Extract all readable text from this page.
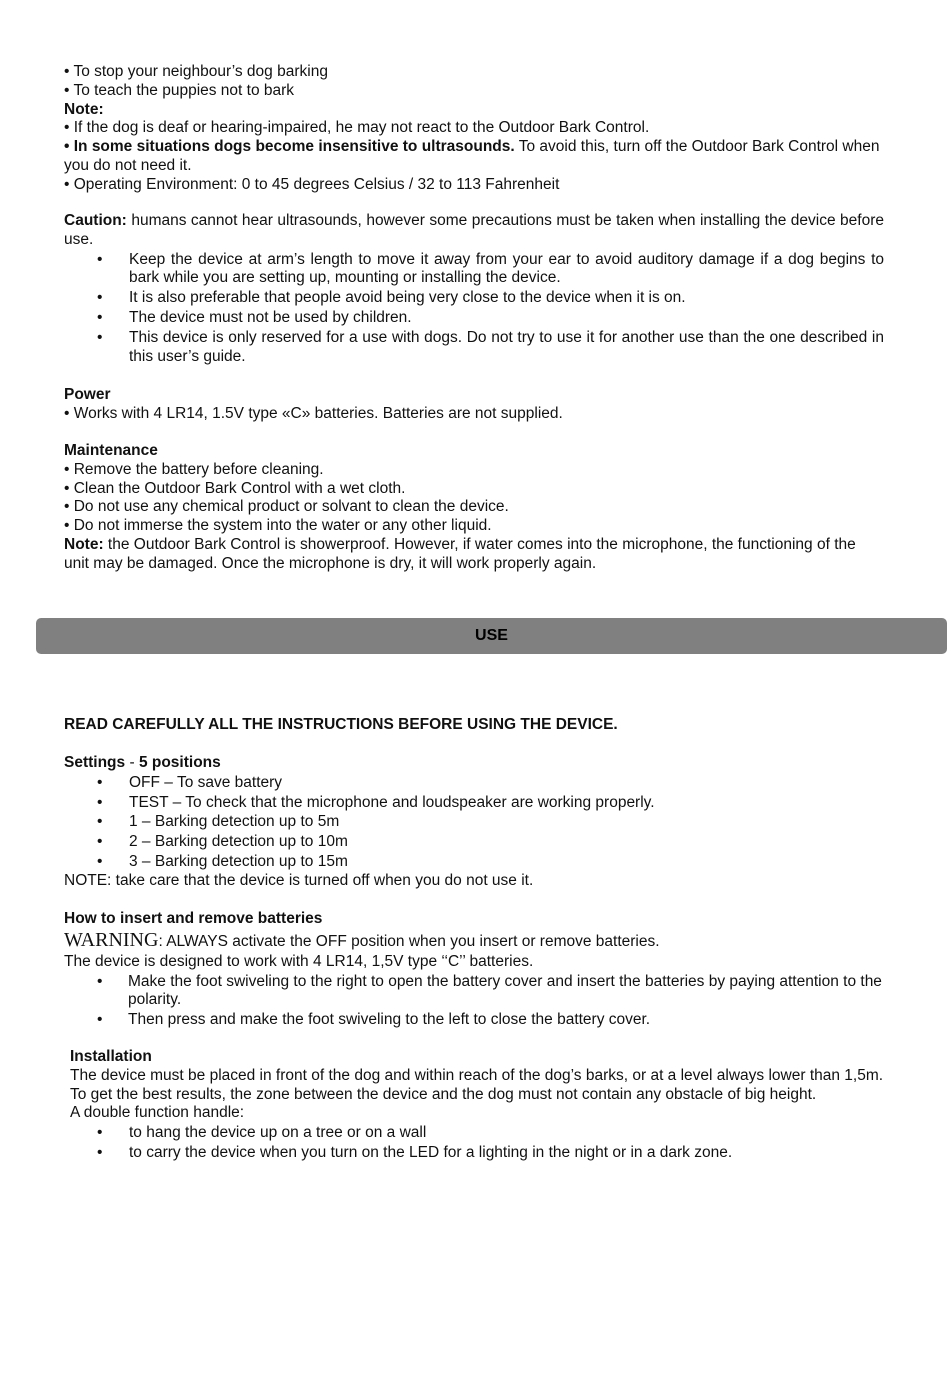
• To stop your neighbour’s dog barking

• To teach the puppies not to bark

Note:

• If the dog is deaf or hearing-impaired, he may not react to the Outdoor Bark Control.

• In some situations dogs become insensitive to ultrasounds. To avoid this, turn off the Outdoor Bark Control when you do not need it.

• Operating Environment: 0 to 45 degrees Celsius / 32 to 113 Fahrenheit

Caution: humans cannot hear ultrasounds, however some precautions must be taken when installing the device before use.

• Keep the device at arm’s length to move it away from your ear to avoid auditory damage if a dog begins to bark while you are setting up, mounting or installing the device.
• It is also preferable that people avoid being very close to the device when it is on.
• The device must not be used by children.
• This device is only reserved for a use with dogs. Do not try to use it for another use than the one described in this user’s guide.

Power

• Works with 4 LR14, 1.5V type «C» batteries. Batteries are not supplied.

Maintenance

• Remove the battery before cleaning.

• Clean the Outdoor Bark Control with a wet cloth.

• Do not use any chemical product or solvant to clean the device.

• Do not immerse the system into the water or any other liquid.

Note: the Outdoor Bark Control is showerproof. However, if water comes into the microphone, the functioning of the unit may be damaged. Once the microphone is dry, it will work properly again.

USE

READ CAREFULLY ALL THE INSTRUCTIONS BEFORE USING THE DEVICE.

Settings - 5 positions

• OFF – To save battery
• TEST – To check that the microphone and loudspeaker are working properly.
• 1 – Barking detection up to 5m
• 2 – Barking detection up to 10m
• 3 – Barking detection up to 15m

NOTE: take care that the device is turned off when you do not use it.

How to insert and remove batteries

WARNING: ALWAYS activate the OFF position when you insert or remove batteries.

The device is designed to work with 4 LR14, 1,5V type ‘‘C’’ batteries.

• Make the foot swiveling to the right to open the battery cover and insert the batteries by paying attention to the polarity.
• Then press and make the foot swiveling to the left to close the battery cover.

Installation

The device must be placed in front of the dog and within reach of the dog’s barks, or at a level always lower than 1,5m. To get the best results, the zone between the device and the dog must not contain any obstacle of big height.

A double function handle:

• to hang the device up on a tree or on a wall
• to carry the device when you turn on the LED for a lighting in the night or in a dark zone.
